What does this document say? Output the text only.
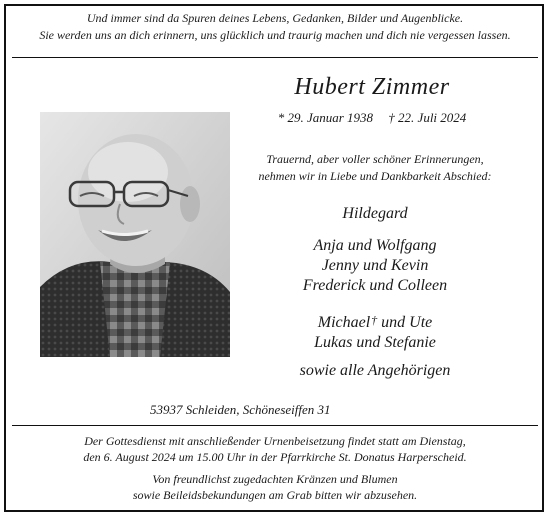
Und immer sind da Spuren deines Lebens, Gedanken, Bilder und Augenblicke.
Sie werden uns an dich erinnern, uns glücklich und traurig machen und dich nie vergessen lassen.
Hubert Zimmer
* 29. Januar 1938 † 22. Juli 2024
Trauernd, aber voller schöner Erinnerungen,
nehmen wir in Liebe und Dankbarkeit Abschied:
Hildegard
Anja und Wolfgang
Jenny und Kevin
Frederick und Colleen
Michael† und Ute
Lukas und Stefanie
sowie alle Angehörigen
53937 Schleiden, Schöneseiffen 31
Der Gottesdienst mit anschließender Urnenbeisetzung findet statt am Dienstag,
den 6. August 2024 um 15.00 Uhr in der Pfarrkirche St. Donatus Harperscheid.
Von freundlichst zugedachten Kränzen und Blumen
sowie Beileidsbekundungen am Grab bitten wir abzusehen.
